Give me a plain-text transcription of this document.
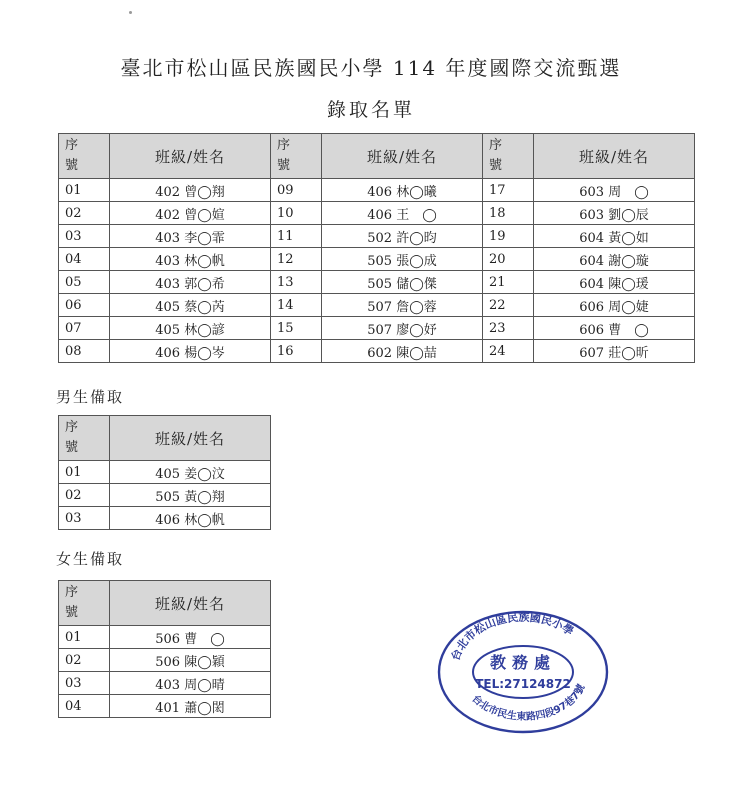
臺北市松山區民族國民小學 114 年度國際交流甄選
錄取名單
序
號	班級/姓名	序
號	班級/姓名	序
號	班級/姓名
01	402 曾◯翔	09	406 林◯曦	17	603 周　◯
02	402 曾◯媗	10	406 王　◯	18	603 劉◯辰
03	403 李◯霏	11	502 許◯昀	19	604 黃◯如
04	403 林◯帆	12	505 張◯成	20	604 謝◯璇
05	403 郭◯希	13	505 儲◯傑	21	604 陳◯瑗
06	405 蔡◯芮	14	507 詹◯蓉	22	606 周◯婕
07	405 林◯諺	15	507 廖◯妤	23	606 曹　◯
08	406 楊◯岑	16	602 陳◯喆	24	607 莊◯昕
男生備取
序
號	班級/姓名
01	405 姜◯汶
02	505 黃◯翔
03	406 林◯帆
女生備取
序
號	班級/姓名
01	506 曹　◯
02	506 陳◯穎
03	403 周◯晴
04	401 蕭◯閎
台北市松山區民族國民小學
台北市民生東路四段97巷7號
教務處
TEL:27124872
